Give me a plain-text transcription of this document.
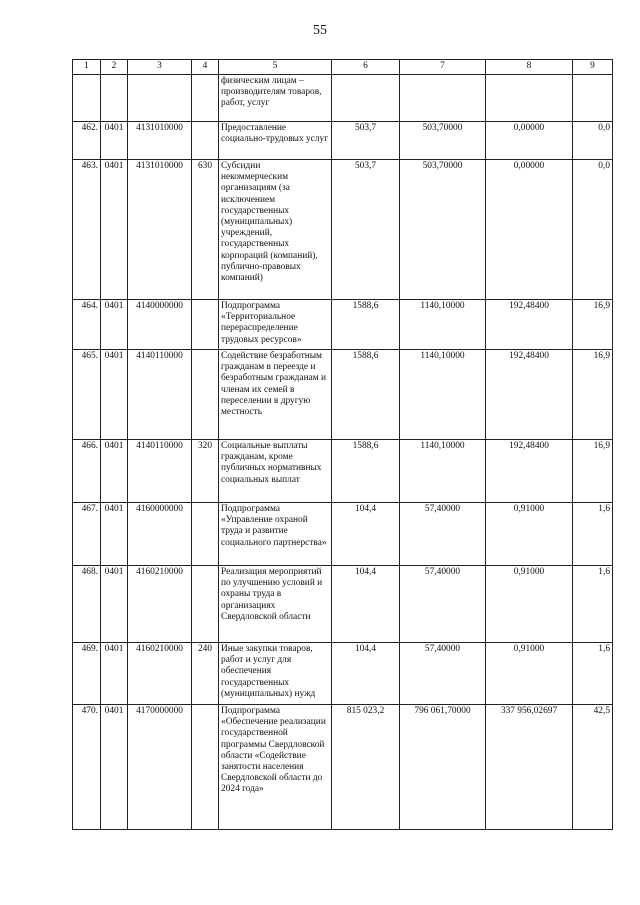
55
1	2	3	4	5	6	7	8	9
				физическим лицам – производителям товаров, работ, услуг				
462.	0401	4131010000		Предоставление социально-трудовых услуг	503,7	503,70000	0,00000	0,0
463.	0401	4131010000	630	Субсидии некоммерческим организациям (за исключением государственных (муниципальных) учреждений, государственных корпораций (компаний), публично-правовых компаний)	503,7	503,70000	0,00000	0,0
464.	0401	4140000000		Подпрограмма «Территориальное перераспределение трудовых ресурсов»	1588,6	1140,10000	192,48400	16,9
465.	0401	4140110000		Содействие безработным гражданам в переезде и безработным гражданам и членам их семей в переселении в другую местность	1588,6	1140,10000	192,48400	16,9
466.	0401	4140110000	320	Социальные выплаты гражданам, кроме публичных нормативных социальных выплат	1588,6	1140,10000	192,48400	16,9
467.	0401	4160000000		Подпрограмма «Управление охраной труда и развитие социального партнерства»	104,4	57,40000	0,91000	1,6
468.	0401	4160210000		Реализация мероприятий по улучшению условий и охраны труда в организациях Свердловской области	104,4	57,40000	0,91000	1,6
469.	0401	4160210000	240	Иные закупки товаров, работ и услуг для обеспечения государственных (муниципальных) нужд	104,4	57,40000	0,91000	1,6
470.	0401	4170000000		Подпрограмма «Обеспечение реализации государственной программы Свердловской области «Содействие занятости населения Свердловской области до 2024 года»	815 023,2	796 061,70000	337 956,02697	42,5
